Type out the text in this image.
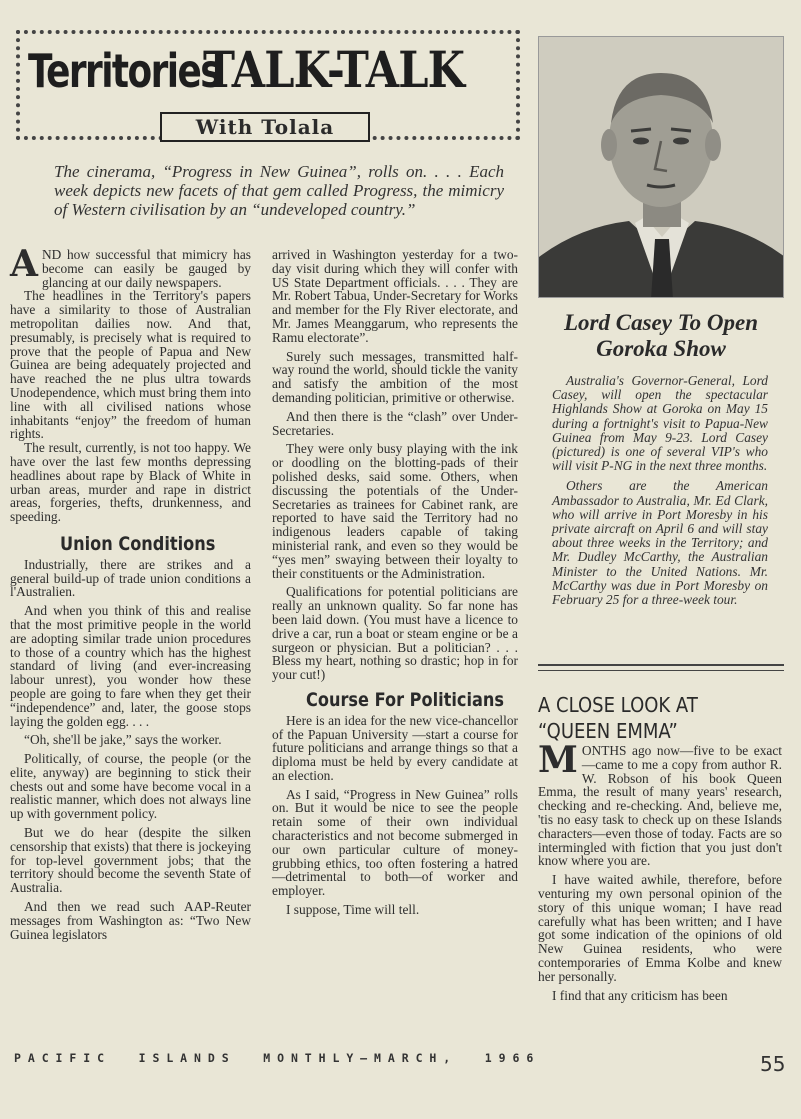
Territories
TALK-TALK
With Tolala
The cinerama, “Progress in New Guinea”, rolls on. . . . Each week depicts new facets of that gem called Progress, the mimicry of Western civilisation by an “undeveloped country.”

AND how successful that mimicry has become can easily be gauged by glancing at our daily newspapers.

The headlines in the Territory's papers have a similarity to those of Australian metropolitan dailies now. And that, presumably, is precisely what is required to prove that the people of Papua and New Guinea are being adequately projected and have reached the ne plus ultra towards Unodependence, which must bring them into line with all civilised nations whose inhabitants “enjoy” the freedom of human rights.

The result, currently, is not too happy. We have over the last few months depressing headlines about rape by Black of White in urban areas, murder and rape in district areas, forgeries, thefts, drunkenness, and speeding.

Union Conditions

Industrially, there are strikes and a general build-up of trade union conditions a l'Australien.

And when you think of this and realise that the most primitive people in the world are adopting similar trade union procedures to those of a country which has the highest standard of living (and ever-increasing labour unrest), you wonder how these people are going to fare when they get their “independence” and, later, the goose stops laying the golden egg. . . .

“Oh, she'll be jake,” says the worker.

Politically, of course, the people (or the elite, anyway) are beginning to stick their chests out and some have become vocal in a realistic manner, which does not always line up with government policy.

But we do hear (despite the silken censorship that exists) that there is jockeying for top-level government jobs; that the territory should become the seventh State of Australia.

And then we read such AAP-Reuter messages from Washington as: “Two New Guinea legislators

arrived in Washington yesterday for a two-day visit during which they will confer with US State Department officials. . . . They are Mr. Robert Tabua, Under-Secretary for Works and member for the Fly River electorate, and Mr. James Meanggarum, who represents the Ramu electorate”.

Surely such messages, transmitted half-way round the world, should tickle the vanity and satisfy the ambition of the most demanding politician, primitive or otherwise.

And then there is the “clash” over Under-Secretaries.

They were only busy playing with the ink or doodling on the blotting-pads of their polished desks, said some. Others, when discussing the potentials of the Under-Secretaries as trainees for Cabinet rank, are reported to have said the Territory had no indigenous leaders capable of taking ministerial rank, and even so they would be “yes men” swaying between their loyalty to their constituents or the Administration.

Qualifications for potential politicians are really an unknown quality. So far none has been laid down. (You must have a licence to drive a car, run a boat or steam engine or be a surgeon or physician. But a politician? . . . Bless my heart, nothing so drastic; hop in for your cut!)

Course For Politicians

Here is an idea for the new vice-chancellor of the Papuan University —start a course for future politicians and arrange things so that a diploma must be held by every candidate at an election.

As I said, “Progress in New Guinea” rolls on. But it would be nice to see the people retain some of their own individual characteristics and not become submerged in our own particular culture of money-grubbing ethics, too often fostering a hatred—detrimental to both—of worker and employer.

I suppose, Time will tell.

Lord Casey To Open Goroka Show

Australia's Governor-General, Lord Casey, will open the spectacular Highlands Show at Goroka on May 15 during a fortnight's visit to Papua-New Guinea from May 9-23. Lord Casey (pictured) is one of several VIP's who will visit P-NG in the next three months.

Others are the American Ambassador to Australia, Mr. Ed Clark, who will arrive in Port Moresby in his private aircraft on April 6 and will stay about three weeks in the Territory; and Mr. Dudley McCarthy, the Australian Minister to the United Nations. Mr. McCarthy was due in Port Moresby on February 25 for a three-week tour.

A CLOSE LOOK AT
“QUEEN EMMA”

MONTHS ago now—five to be exact—came to me a copy from author R. W. Robson of his book Queen Emma, the result of many years' research, checking and re-checking. And, believe me, 'tis no easy task to check up on these Islands characters—even those of today. Facts are so intermingled with fiction that you just don't know where you are.

I have waited awhile, therefore, before venturing my own personal opinion of the story of this unique woman; I have read carefully what has been written; and I have got some indication of the opinions of old New Guinea residents, who were contemporaries of Emma Kolbe and knew her personally.

I find that any criticism has been

P A C I F I C     I S L A N D S     M O N T H L Y — M A R C H ,     1 9 6 6	55
